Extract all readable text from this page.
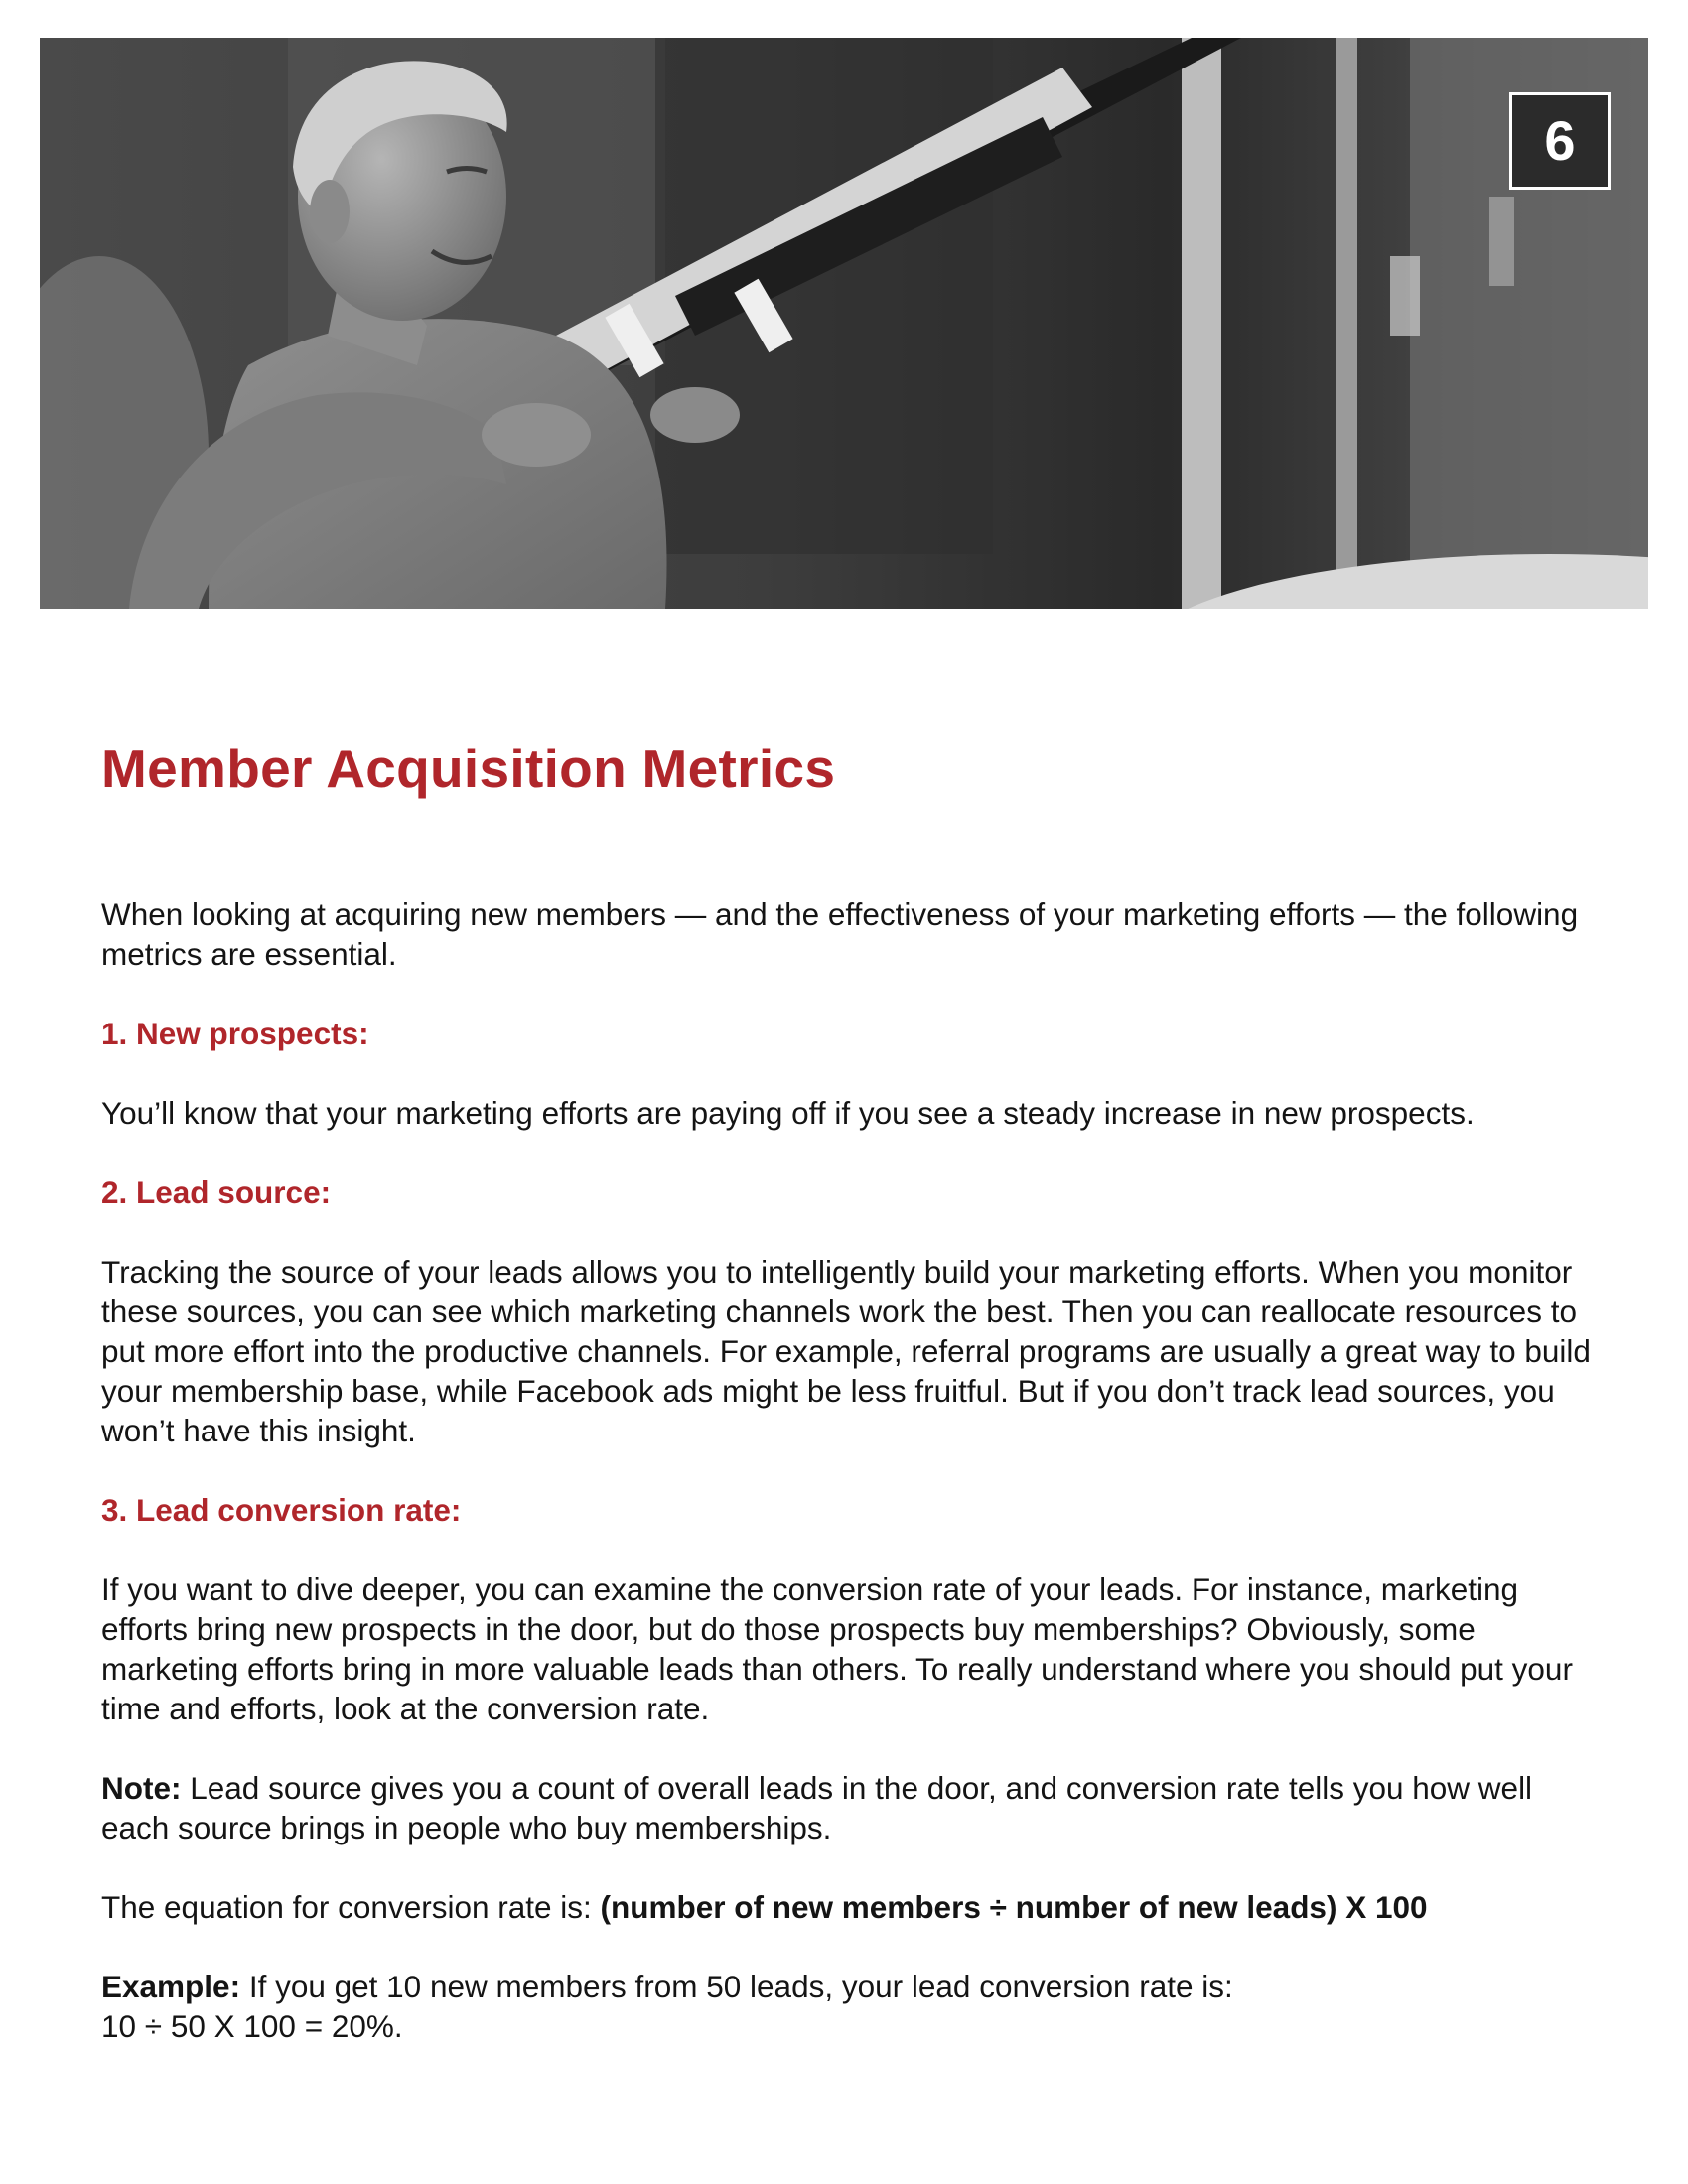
6
Member Acquisition Metrics

When looking at acquiring new members — and the effectiveness of your marketing efforts — the following metrics are essential.

1. New prospects:

You’ll know that your marketing efforts are paying off if you see a steady increase in new prospects.

2. Lead source:

Tracking the source of your leads allows you to intelligently build your marketing efforts. When you monitor these sources, you can see which marketing channels work the best. Then you can reallocate resources to put more effort into the productive channels. For example, referral programs are usually a great way to build your membership base, while Facebook ads might be less fruitful. But if you don’t track lead sources, you won’t have this insight.

3. Lead conversion rate:

If you want to dive deeper, you can examine the conversion rate of your leads. For instance, marketing efforts bring new prospects in the door, but do those prospects buy memberships? Obviously, some marketing efforts bring in more valuable leads than others. To really understand where you should put your time and efforts, look at the conversion rate.

Note: Lead source gives you a count of overall leads in the door, and conversion rate tells you how well each source brings in people who buy memberships.

The equation for conversion rate is: (number of new members ÷ number of new leads) X 100

Example: If you get 10 new members from 50 leads, your lead conversion rate is:
10 ÷ 50 X 100 = 20%.
